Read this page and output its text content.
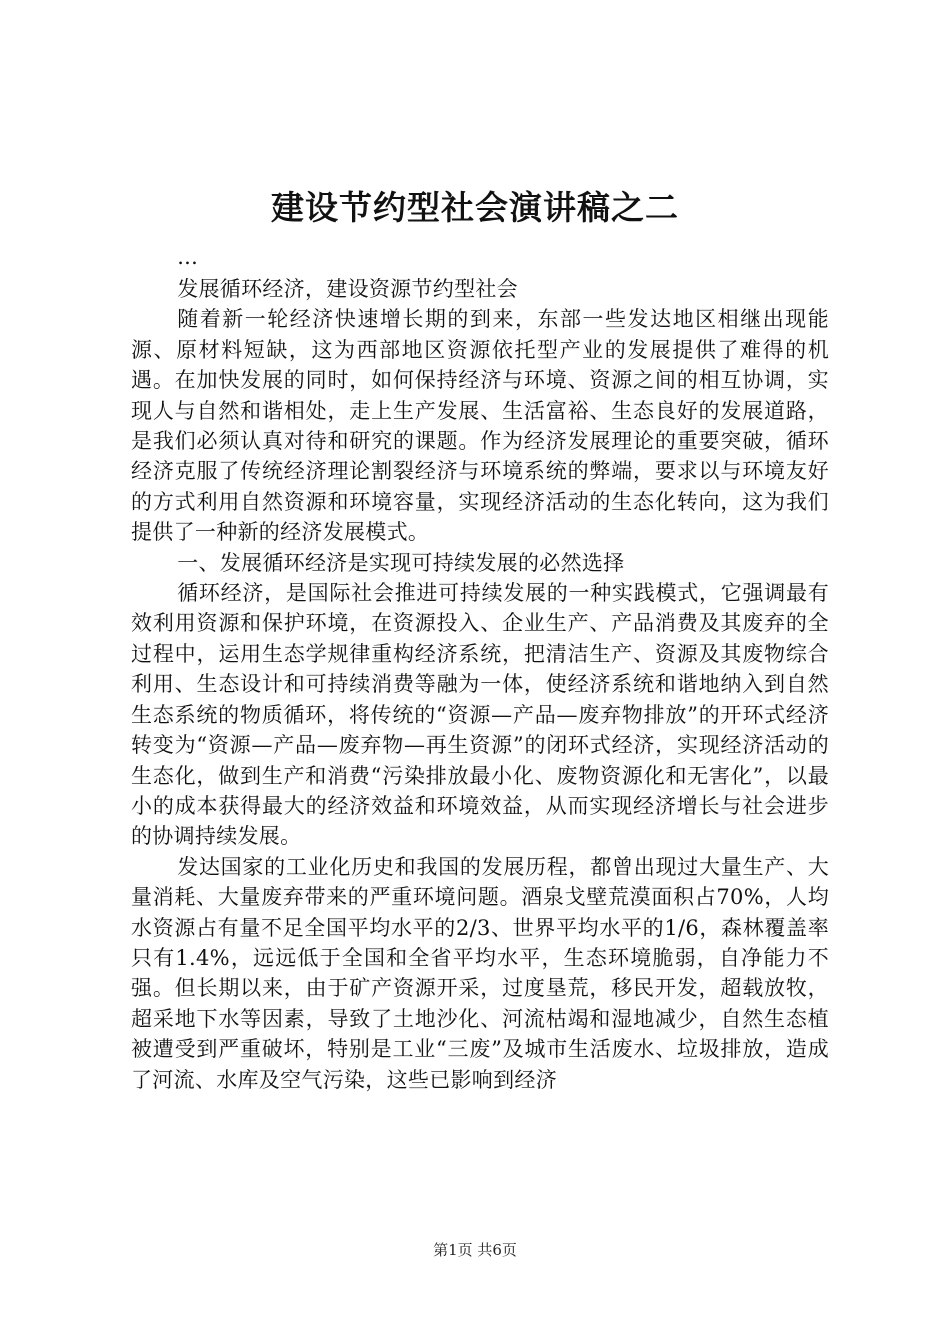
建设节约型社会演讲稿之二

...

发展循环经济，建设资源节约型社会

随着新一轮经济快速增长期的到来，东部一些发达地区相继出现能源、原材料短缺，这为西部地区资源依托型产业的发展提供了难得的机遇。在加快发展的同时，如何保持经济与环境、资源之间的相互协调，实现人与自然和谐相处，走上生产发展、生活富裕、生态良好的发展道路，是我们必须认真对待和研究的课题。作为经济发展理论的重要突破，循环经济克服了传统经济理论割裂经济与环境系统的弊端，要求以与环境友好的方式利用自然资源和环境容量，实现经济活动的生态化转向，这为我们提供了一种新的经济发展模式。

一、发展循环经济是实现可持续发展的必然选择

循环经济，是国际社会推进可持续发展的一种实践模式，它强调最有效利用资源和保护环境，在资源投入、企业生产、产品消费及其废弃的全过程中，运用生态学规律重构经济系统，把清洁生产、资源及其废物综合利用、生态设计和可持续消费等融为一体，使经济系统和谐地纳入到自然生态系统的物质循环，将传统的“资源—产品—废弃物排放”的开环式经济转变为“资源—产品—废弃物—再生资源”的闭环式经济，实现经济活动的生态化，做到生产和消费“污染排放最小化、废物资源化和无害化”，以最小的成本获得最大的经济效益和环境效益，从而实现经济增长与社会进步的协调持续发展。

发达国家的工业化历史和我国的发展历程，都曾出现过大量生产、大量消耗、大量废弃带来的严重环境问题。酒泉戈壁荒漠面积占70%，人均水资源占有量不足全国平均水平的2/3、世界平均水平的1/6，森林覆盖率只有1.4%，远远低于全国和全省平均水平，生态环境脆弱，自净能力不强。但长期以来，由于矿产资源开采，过度垦荒，移民开发，超载放牧，超采地下水等因素，导致了土地沙化、河流枯竭和湿地减少，自然生态植被遭受到严重破坏，特别是工业“三废”及城市生活废水、垃圾排放，造成了河流、水库及空气污染，这些已影响到经济

第1页 共6页
